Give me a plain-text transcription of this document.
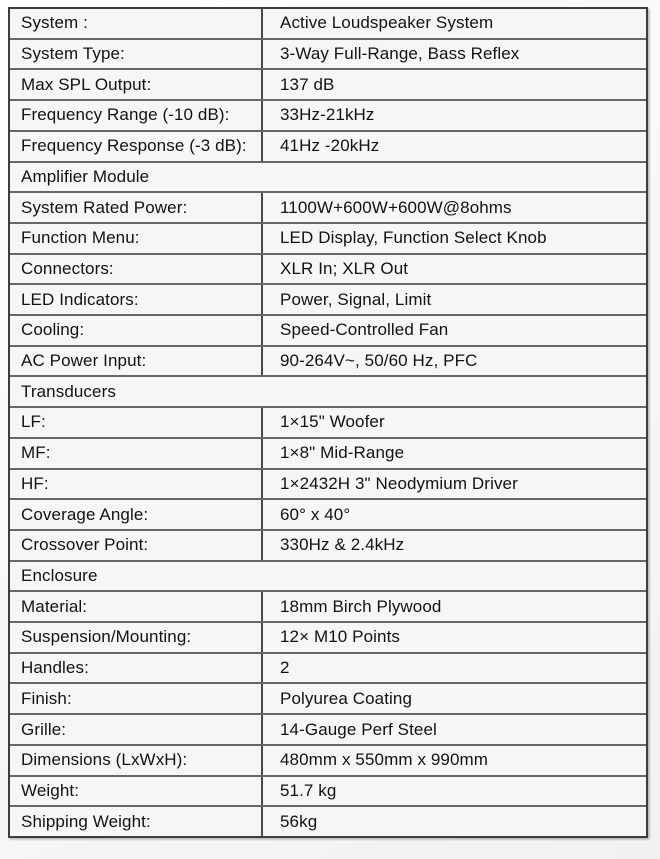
System :	Active Loudspeaker System
System Type:	3-Way Full-Range, Bass Reflex
Max SPL Output:	137 dB
Frequency Range (-10 dB):	33Hz-21kHz
Frequency Response (-3 dB):	41Hz -20kHz
Amplifier Module
System Rated Power:	1100W+600W+600W@8ohms
Function Menu:	LED Display, Function Select Knob
Connectors:	XLR In; XLR Out
LED Indicators:	Power, Signal, Limit
Cooling:	Speed-Controlled Fan
AC Power Input:	90-264V~, 50/60 Hz, PFC
Transducers
LF:	1×15" Woofer
MF:	1×8" Mid-Range
HF:	1×2432H 3" Neodymium Driver
Coverage Angle:	60° x 40°
Crossover Point:	330Hz & 2.4kHz
Enclosure
Material:	18mm Birch Plywood
Suspension/Mounting:	12× M10 Points
Handles:	2
Finish:	Polyurea Coating
Grille:	14-Gauge Perf Steel
Dimensions (LxWxH):	480mm x 550mm x 990mm
Weight:	51.7 kg
Shipping Weight:	56kg
